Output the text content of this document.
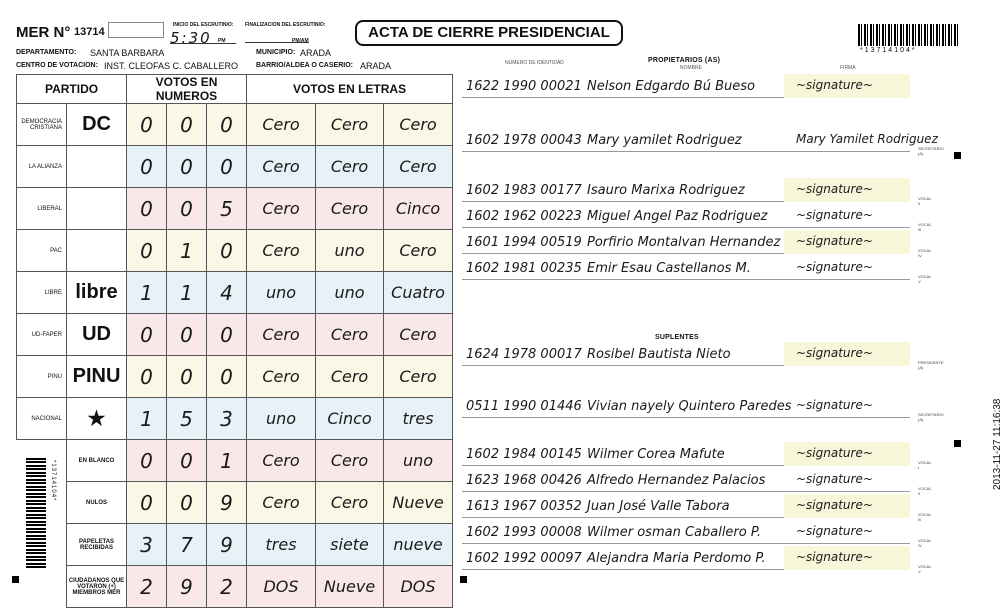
MER N° 13714
INICIO DEL ESCRUTINIO:
5:30 PM
FINALIZACION DEL ESCRUTINIO:
PM/AM	ACTA DE CIERRE PRESIDENCIAL
*13714104*
DEPARTAMENTO: SANTA BARBARA	MUNICIPIO: ARADA
CENTRO DE VOTACION: INST. CLEOFAS C. CABALLERO	BARRIO/ALDEA O CASERIO: ARADA	NUMERO DE IDENTIDAD	PROPIETARIOS (AS)
NOMBRE	FIRMA
PARTIDO		VOTOS EN NUMEROS			VOTOS EN LETRAS		
DEMOCRACIA CRISTIANA	DC	0	0	0	Cero	Cero	Cero
LA ALIANZA		0	0	0	Cero	Cero	Cero
LIBERAL		0	0	5	Cero	Cero	Cinco
PAC		0	1	0	Cero	uno	Cero
LIBRE	libre	1	1	4	uno	uno	Cuatro
UD-FAPER	UD	0	0	0	Cero	Cero	Cero
PINU	PINU	0	0	0	Cero	Cero	Cero
NACIONAL	★	1	5	3	uno	Cinco	tres
	EN BLANCO	0	0	1	Cero	Cero	uno
	NULOS	0	0	9	Cero	Cero	Nueve
	PAPELETAS RECIBIDAS	3	7	9	tres	siete	nueve
	CIUDADANOS QUE VOTARON (+) MIEMBROS MER	2	9	2	DOS	Nueve	DOS
1622 1990 00021 Nelson Edgardo Bú Bueso	~signature~
1602 1978 00043 Mary yamilet Rodriguez	Mary Yamilet Rodriguez
SECRETARIO (A)
1602 1983 00177 Isauro Marixa Rodriguez	~signature~
VOCAL II
1602 1962 00223 Miguel Angel Paz Rodriguez ~signature~
VOCAL III
1601 1994 00519 Porfirio Montalvan Hernandez ~signature~
VOCAL IV
1602 1981 00235 Emir Esau Castellanos M.	~signature~
VOCAL V
SUPLENTES
1624 1978 00017 Rosibel Bautista Nieto	~signature~
PRESIDENTE (A)
0511 1990 01446 Vivian nayely Quintero Paredes ~signature~
SECRETARIO (A)
1602 1984 00145 Wilmer Corea Mafute	~signature~
VOCAL I
1623 1968 00426 Alfredo Hernandez Palacios	~signature~
VOCAL II
1613 1967 00352 Juan José Valle Tabora	~signature~
VOCAL III
1602 1993 00008 Wilmer osman Caballero P.	~signature~
VOCAL IV
1602 1992 00097 Alejandra Maria Perdomo P.	~signature~
VOCAL V
*13714104*	2013-11-27 11:16:38
